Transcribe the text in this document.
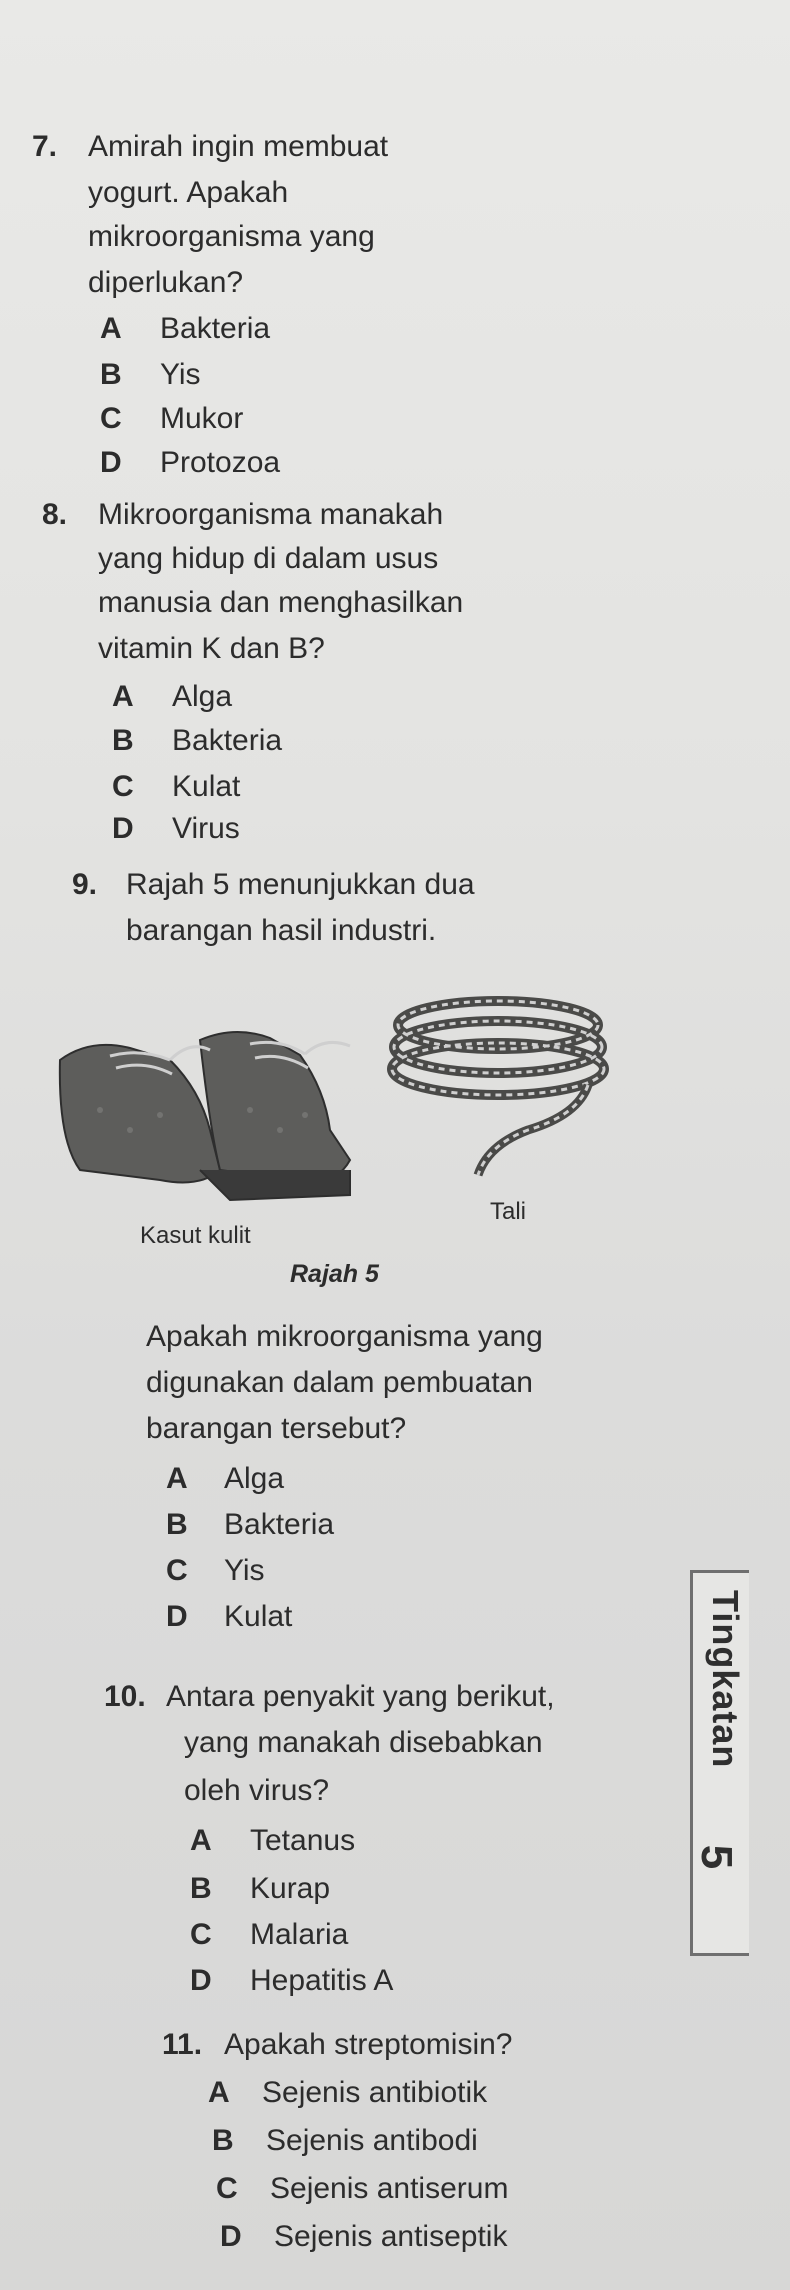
7. Amirah ingin membuat
yogurt. Apakah
mikroorganisma yang
diperlukan?
A Bakteria
B Yis
C Mukor
D Protozoa
8. Mikroorganisma manakah
yang hidup di dalam usus
manusia dan menghasilkan
vitamin K dan B?
A Alga
B Bakteria
C Kulat
D Virus
9. Rajah 5 menunjukkan dua
barangan hasil industri.
Kasut kulit
Tali
Rajah 5
Apakah mikroorganisma yang
digunakan dalam pembuatan
barangan tersebut?
A Alga
B Bakteria
C Yis
D Kulat
10. Antara penyakit yang berikut,
yang manakah disebabkan
oleh virus?
A Tetanus
B Kurap
C Malaria
D Hepatitis A
11. Apakah streptomisin?
A Sejenis antibiotik
B Sejenis antibodi
C Sejenis antiserum
D Sejenis antiseptik
Tingkatan
5
